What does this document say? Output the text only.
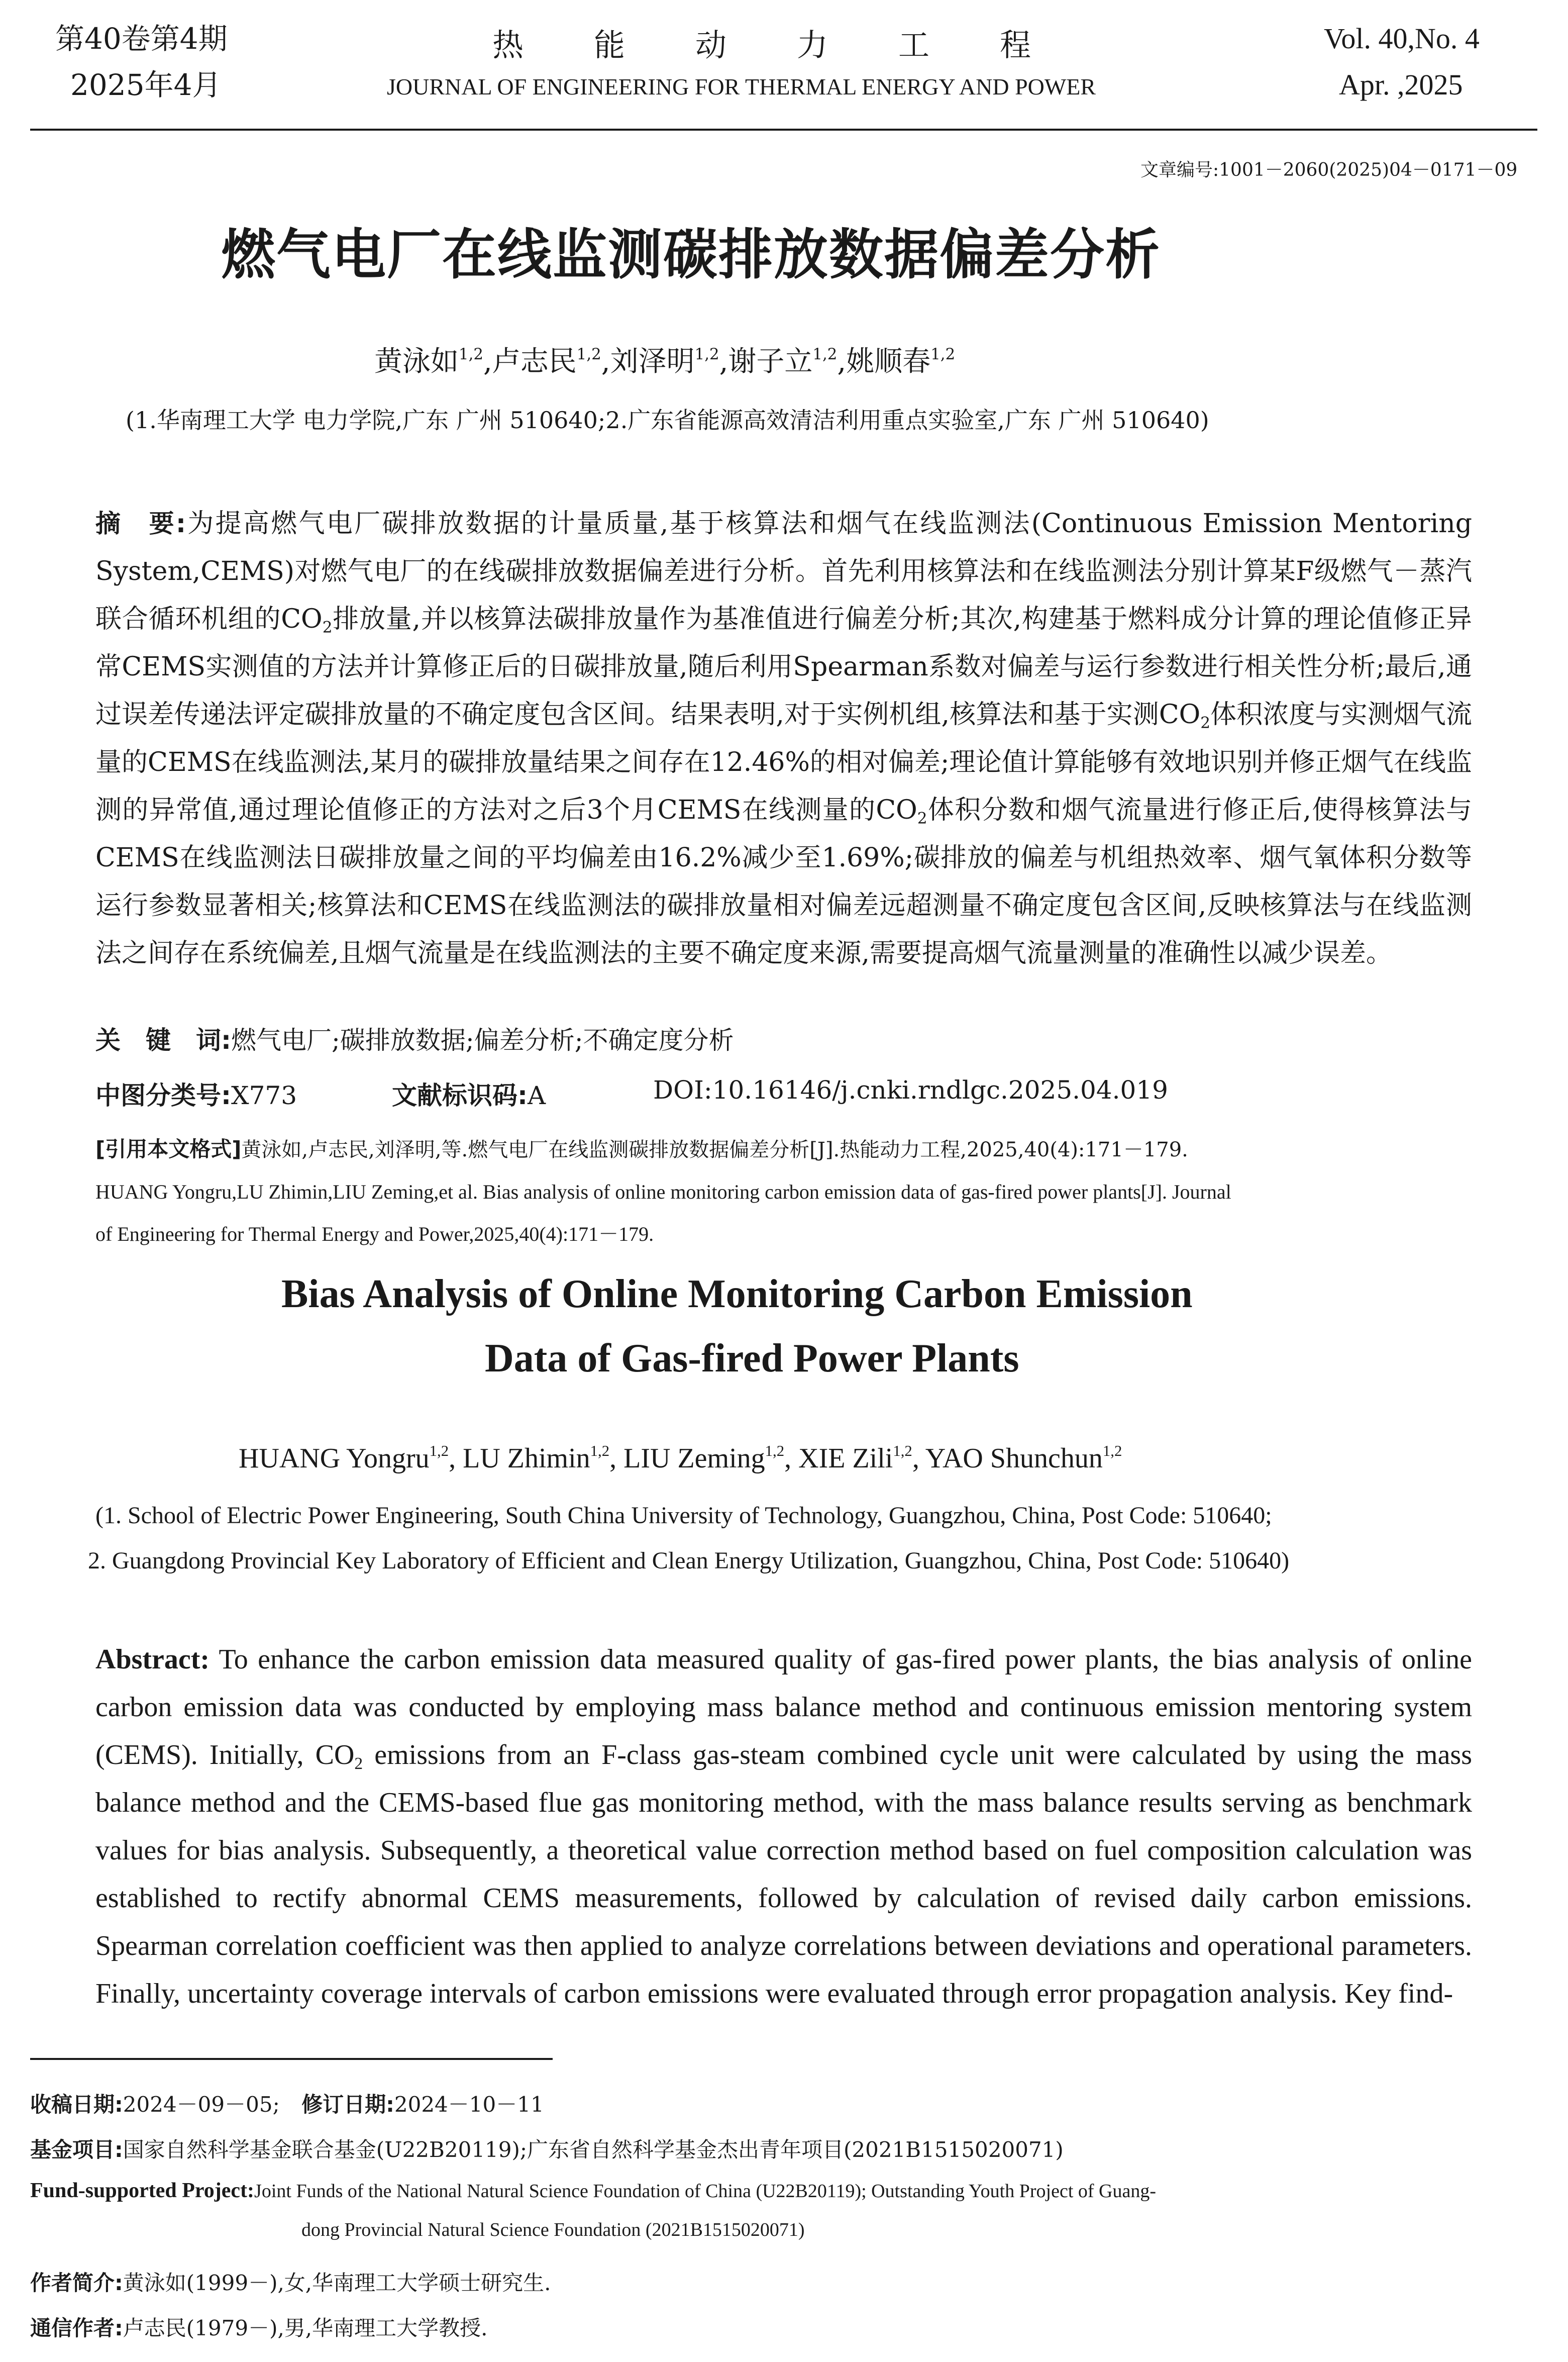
第40卷第4期
2025年4月
热能动力工程
JOURNAL OF ENGINEERING FOR THERMAL ENERGY AND POWER
Vol. 40,No. 4
Apr. ,2025
文章编号:1001－2060(2025)04－0171－09
燃气电厂在线监测碳排放数据偏差分析
黄泳如$^{1,2}$,卢志民$^{1,2}$,刘泽明$^{1,2}$,谢子立$^{1,2}$,姚顺春$^{1,2}$
(1.华南理工大学 电力学院,广东 广州 510640;2.广东省能源高效清洁利用重点实验室,广东 广州 510640)
摘　要:为提高燃气电厂碳排放数据的计量质量,基于核算法和烟气在线监测法(Continuous Emission Mentoring System,CEMS)对燃气电厂的在线碳排放数据偏差进行分析。首先利用核算法和在线监测法分别计算某F级燃气－蒸汽联合循环机组的$CO_2$排放量,并以核算法碳排放量作为基准值进行偏差分析;其次,构建基于燃料成分计算的理论值修正异常CEMS实测值的方法并计算修正后的日碳排放量,随后利用Spearman系数对偏差与运行参数进行相关性分析;最后,通过误差传递法评定碳排放量的不确定度包含区间。结果表明,对于实例机组,核算法和基于实测$CO_2$体积浓度与实测烟气流量的CEMS在线监测法,某月的碳排放量结果之间存在12.46%的相对偏差;理论值计算能够有效地识别并修正烟气在线监测的异常值,通过理论值修正的方法对之后3个月CEMS在线测量的$CO_2$体积分数和烟气流量进行修正后,使得核算法与CEMS在线监测法日碳排放量之间的平均偏差由16.2%减少至1.69%;碳排放的偏差与机组热效率、烟气氧体积分数等运行参数显著相关;核算法和CEMS在线监测法的碳排放量相对偏差远超测量不确定度包含区间,反映核算法与在线监测法之间存在系统偏差,且烟气流量是在线监测法的主要不确定度来源,需要提高烟气流量测量的准确性以减少误差。
关　键　词:燃气电厂;碳排放数据;偏差分析;不确定度分析
中图分类号:X773	文献标识码:A	DOI:10.16146/j.cnki.rndlgc.2025.04.019
[引用本文格式]黄泳如,卢志民,刘泽明,等.燃气电厂在线监测碳排放数据偏差分析[J].热能动力工程,2025,40(4):171－179.
HUANG Yongru,LU Zhimin,LIU Zeming,et al. Bias analysis of online monitoring carbon emission data of gas-fired power plants[J]. Journal
of Engineering for Thermal Energy and Power,2025,40(4):171－179.
Bias Analysis of Online Monitoring Carbon Emission
Data of Gas-fired Power Plants
HUANG Yongru$^{1,2}$, LU Zhimin$^{1,2}$, LIU Zeming$^{1,2}$, XIE Zili$^{1,2}$, YAO Shunchun$^{1,2}$
(1. School of Electric Power Engineering, South China University of Technology, Guangzhou, China, Post Code: 510640;
2. Guangdong Provincial Key Laboratory of Efficient and Clean Energy Utilization, Guangzhou, China, Post Code: 510640)
Abstract: To enhance the carbon emission data measured quality of gas-fired power plants, the bias analysis of online carbon emission data was conducted by employing mass balance method and continuous emission mentoring system (CEMS). Initially, $CO_2$ emissions from an F-class gas-steam combined cycle unit were calculated by using the mass balance method and the CEMS-based flue gas monitoring method, with the mass balance results serving as benchmark values for bias analysis. Subsequently, a theoretical value correction method based on fuel composition calculation was established to rectify abnormal CEMS measurements, followed by calculation of revised daily carbon emissions. Spearman correlation coefficient was then applied to analyze correlations between deviations and operational parameters. Finally, uncertainty coverage intervals of carbon emissions were evaluated through error propagation analysis. Key find-
收稿日期:2024－09－05; 修订日期:2024－10－11
基金项目:国家自然科学基金联合基金(U22B20119);广东省自然科学基金杰出青年项目(2021B1515020071)
Fund-supported Project:Joint Funds of the National Natural Science Foundation of China (U22B20119); Outstanding Youth Project of Guang-
dong Provincial Natural Science Foundation (2021B1515020071)
作者简介:黄泳如(1999－),女,华南理工大学硕士研究生.
通信作者:卢志民(1979－),男,华南理工大学教授.
